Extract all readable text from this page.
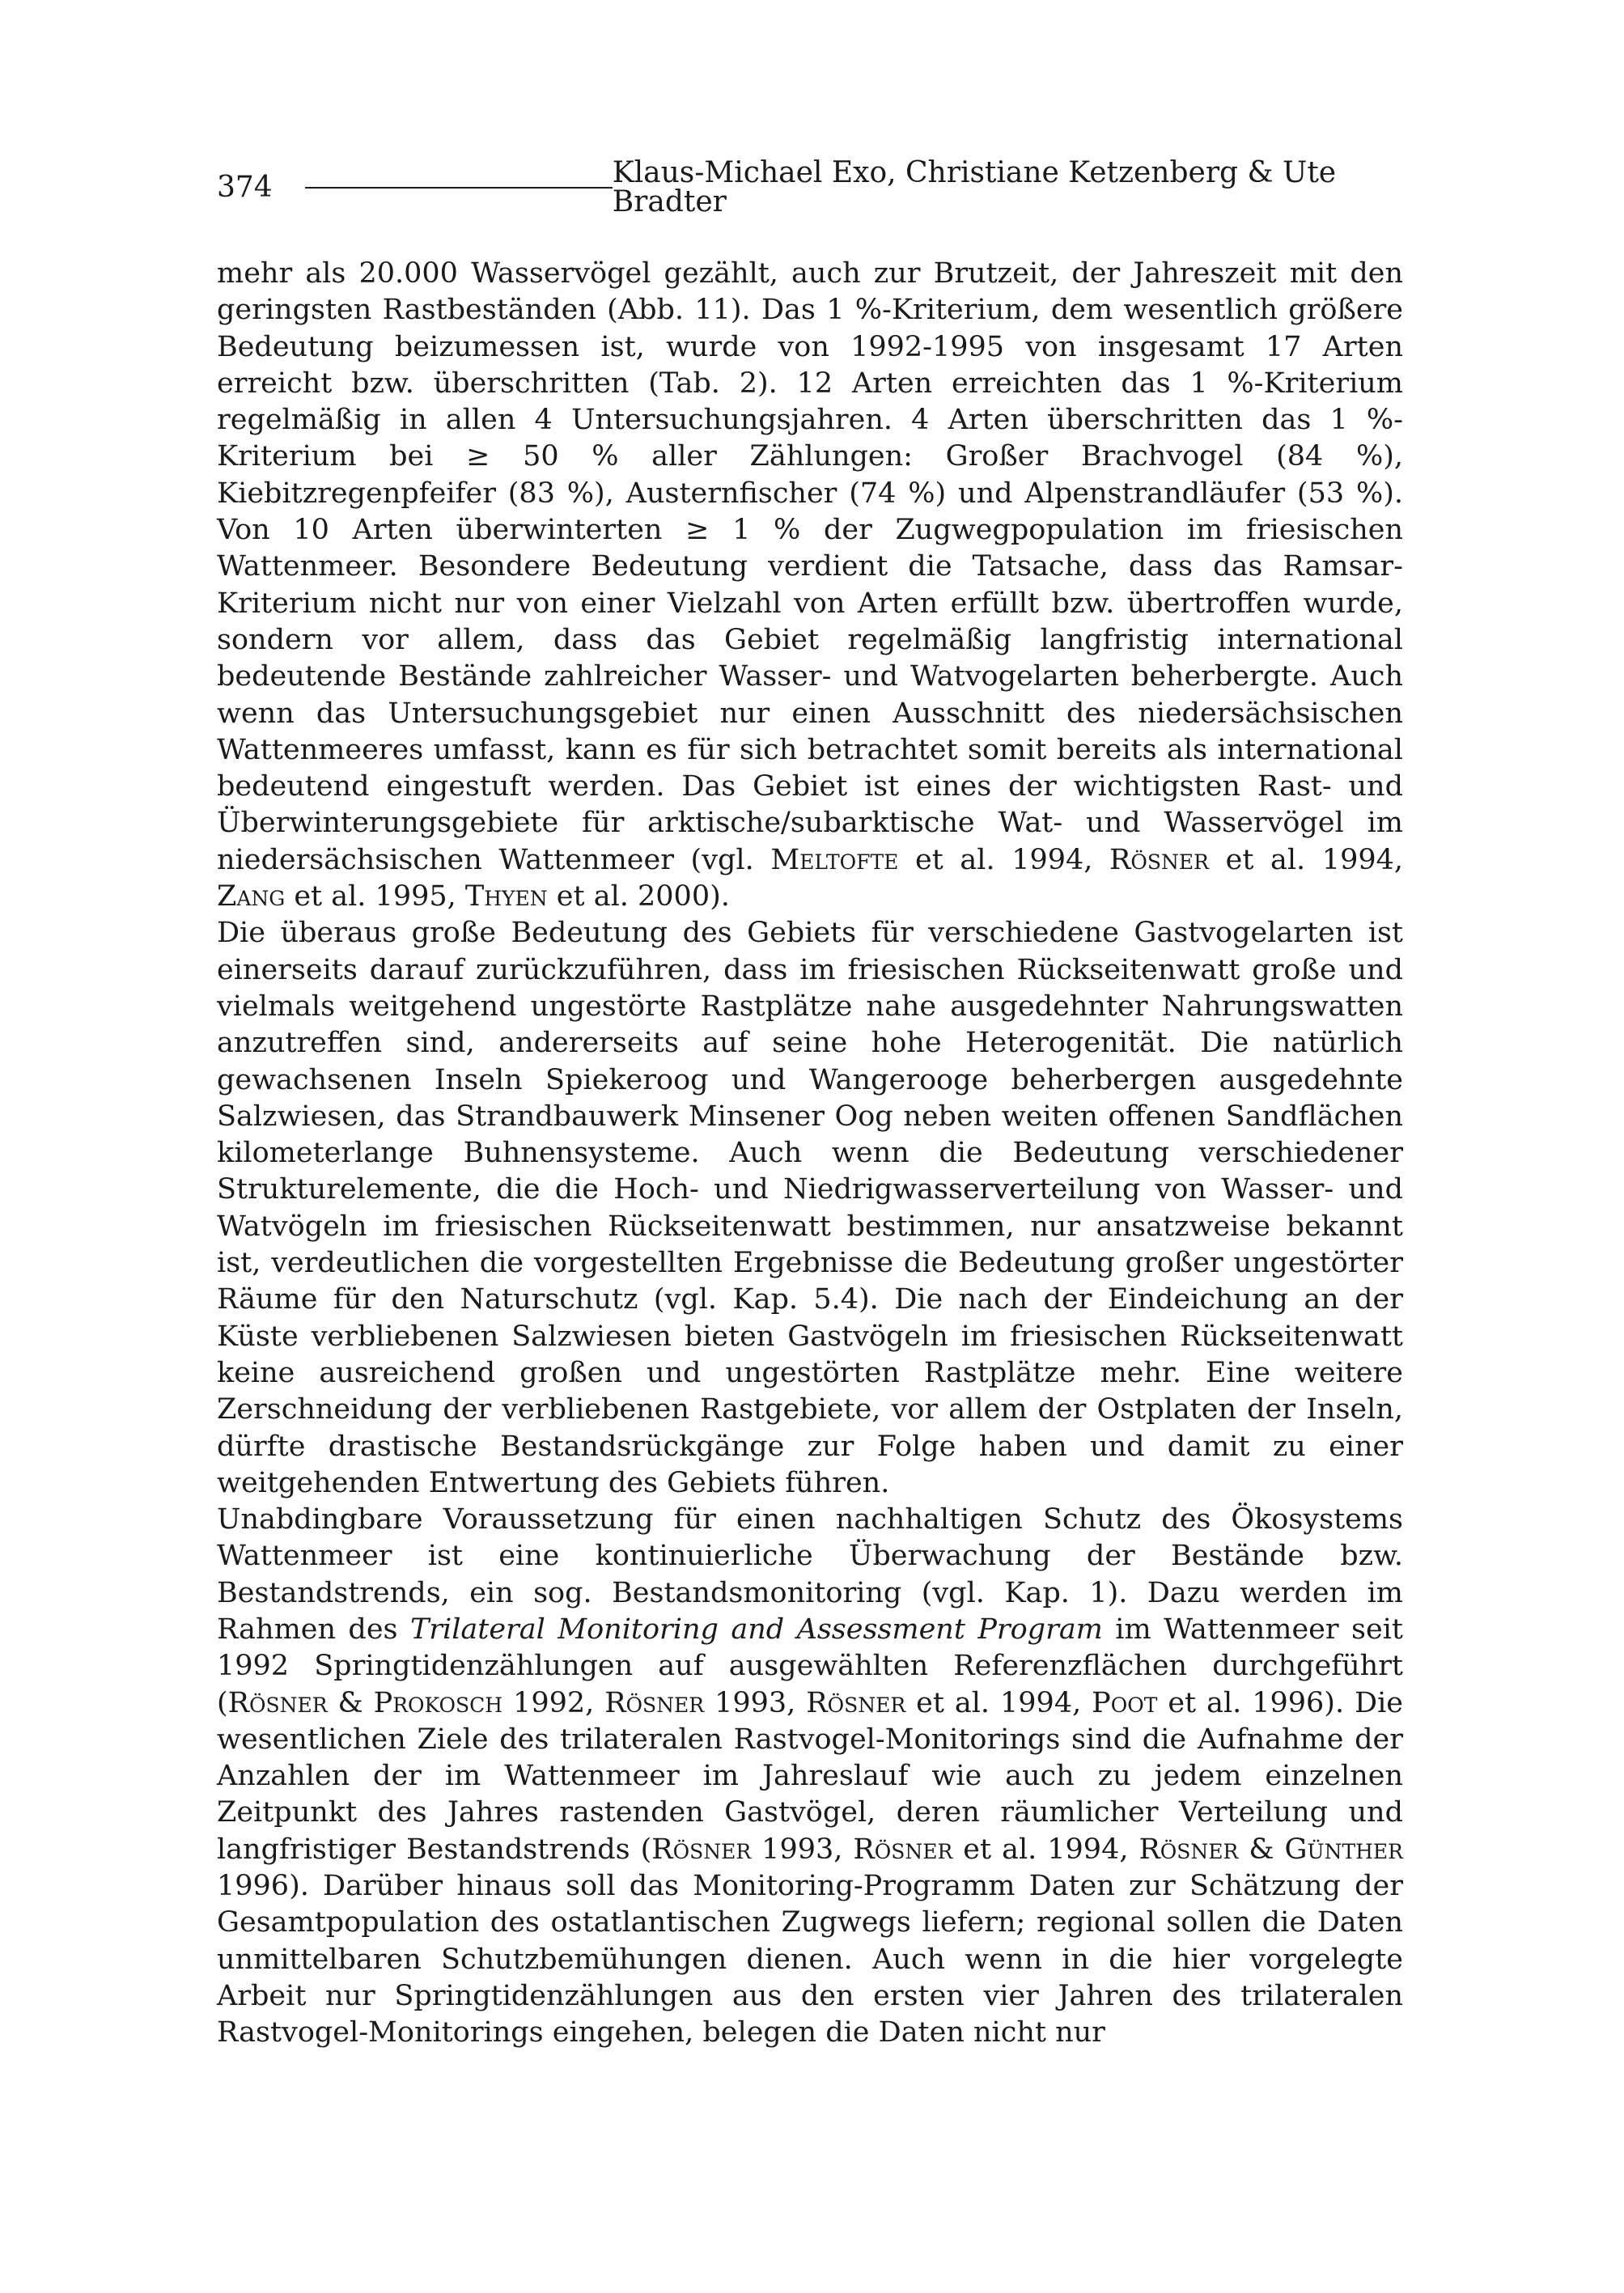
374	Klaus-Michael Exo, Christiane Ketzenberg & Ute Bradter

mehr als 20.000 Wasservögel gezählt, auch zur Brutzeit, der Jahreszeit mit den geringsten Rastbeständen (Abb. 11). Das 1 %-Kriterium, dem wesentlich größere Bedeutung beizumessen ist, wurde von 1992-1995 von insgesamt 17 Arten erreicht bzw. überschritten (Tab. 2). 12 Arten erreichten das 1 %-Kriterium regelmäßig in allen 4 Untersuchungsjahren. 4 Arten überschritten das 1 %-Kriterium bei ≥ 50 % aller Zählungen: Großer Brachvogel (84 %), Kiebitzregenpfeifer (83 %), Austernfischer (74 %) und Alpenstrandläufer (53 %). Von 10 Arten überwinterten ≥ 1 % der Zugwegpopulation im friesischen Wattenmeer. Besondere Bedeutung verdient die Tatsache, dass das Ramsar-Kriterium nicht nur von einer Vielzahl von Arten erfüllt bzw. übertroffen wurde, sondern vor allem, dass das Gebiet regelmäßig langfristig international bedeutende Bestände zahlreicher Wasser- und Watvogelarten beherbergte. Auch wenn das Untersuchungsgebiet nur einen Ausschnitt des niedersächsischen Wattenmeeres umfasst, kann es für sich betrachtet somit bereits als international bedeutend eingestuft werden. Das Gebiet ist eines der wichtigsten Rast- und Überwinterungsgebiete für arktische/subarktische Wat- und Wasservögel im niedersächsischen Wattenmeer (vgl. Meltofte et al. 1994, Rösner et al. 1994, Zang et al. 1995, Thyen et al. 2000).

Die überaus große Bedeutung des Gebiets für verschiedene Gastvogelarten ist einerseits darauf zurückzuführen, dass im friesischen Rückseitenwatt große und vielmals weitgehend ungestörte Rastplätze nahe ausgedehnter Nahrungswatten anzutreffen sind, andererseits auf seine hohe Heterogenität. Die natürlich gewachsenen Inseln Spiekeroog und Wangerooge beherbergen ausgedehnte Salzwiesen, das Strandbauwerk Minsener Oog neben weiten offenen Sandflächen kilometerlange Buhnensysteme. Auch wenn die Bedeutung verschiedener Strukturelemente, die die Hoch- und Niedrigwasserverteilung von Wasser- und Watvögeln im friesischen Rückseitenwatt bestimmen, nur ansatzweise bekannt ist, verdeutlichen die vorgestellten Ergebnisse die Bedeutung großer ungestörter Räume für den Naturschutz (vgl. Kap. 5.4). Die nach der Eindeichung an der Küste verbliebenen Salzwiesen bieten Gastvögeln im friesischen Rückseitenwatt keine ausreichend großen und ungestörten Rastplätze mehr. Eine weitere Zerschneidung der verbliebenen Rastgebiete, vor allem der Ostplaten der Inseln, dürfte drastische Bestandsrückgänge zur Folge haben und damit zu einer weitgehenden Entwertung des Gebiets führen.

Unabdingbare Voraussetzung für einen nachhaltigen Schutz des Ökosystems Wattenmeer ist eine kontinuierliche Überwachung der Bestände bzw. Bestandstrends, ein sog. Bestandsmonitoring (vgl. Kap. 1). Dazu werden im Rahmen des Trilateral Monitoring and Assessment Program im Wattenmeer seit 1992 Springtidenzählungen auf ausgewählten Referenzflächen durchgeführt (Rösner & Prokosch 1992, Rösner 1993, Rösner et al. 1994, Poot et al. 1996). Die wesentlichen Ziele des trilateralen Rastvogel-Monitorings sind die Aufnahme der Anzahlen der im Wattenmeer im Jahreslauf wie auch zu jedem einzelnen Zeitpunkt des Jahres rastenden Gastvögel, deren räumlicher Verteilung und langfristiger Bestandstrends (Rösner 1993, Rösner et al. 1994, Rösner & Günther 1996). Darüber hinaus soll das Monitoring-Programm Daten zur Schätzung der Gesamtpopulation des ostatlantischen Zugwegs liefern; regional sollen die Daten unmittelbaren Schutzbemühungen dienen. Auch wenn in die hier vorgelegte Arbeit nur Springtidenzählungen aus den ersten vier Jahren des trilateralen Rastvogel-Monitorings eingehen, belegen die Daten nicht nur
